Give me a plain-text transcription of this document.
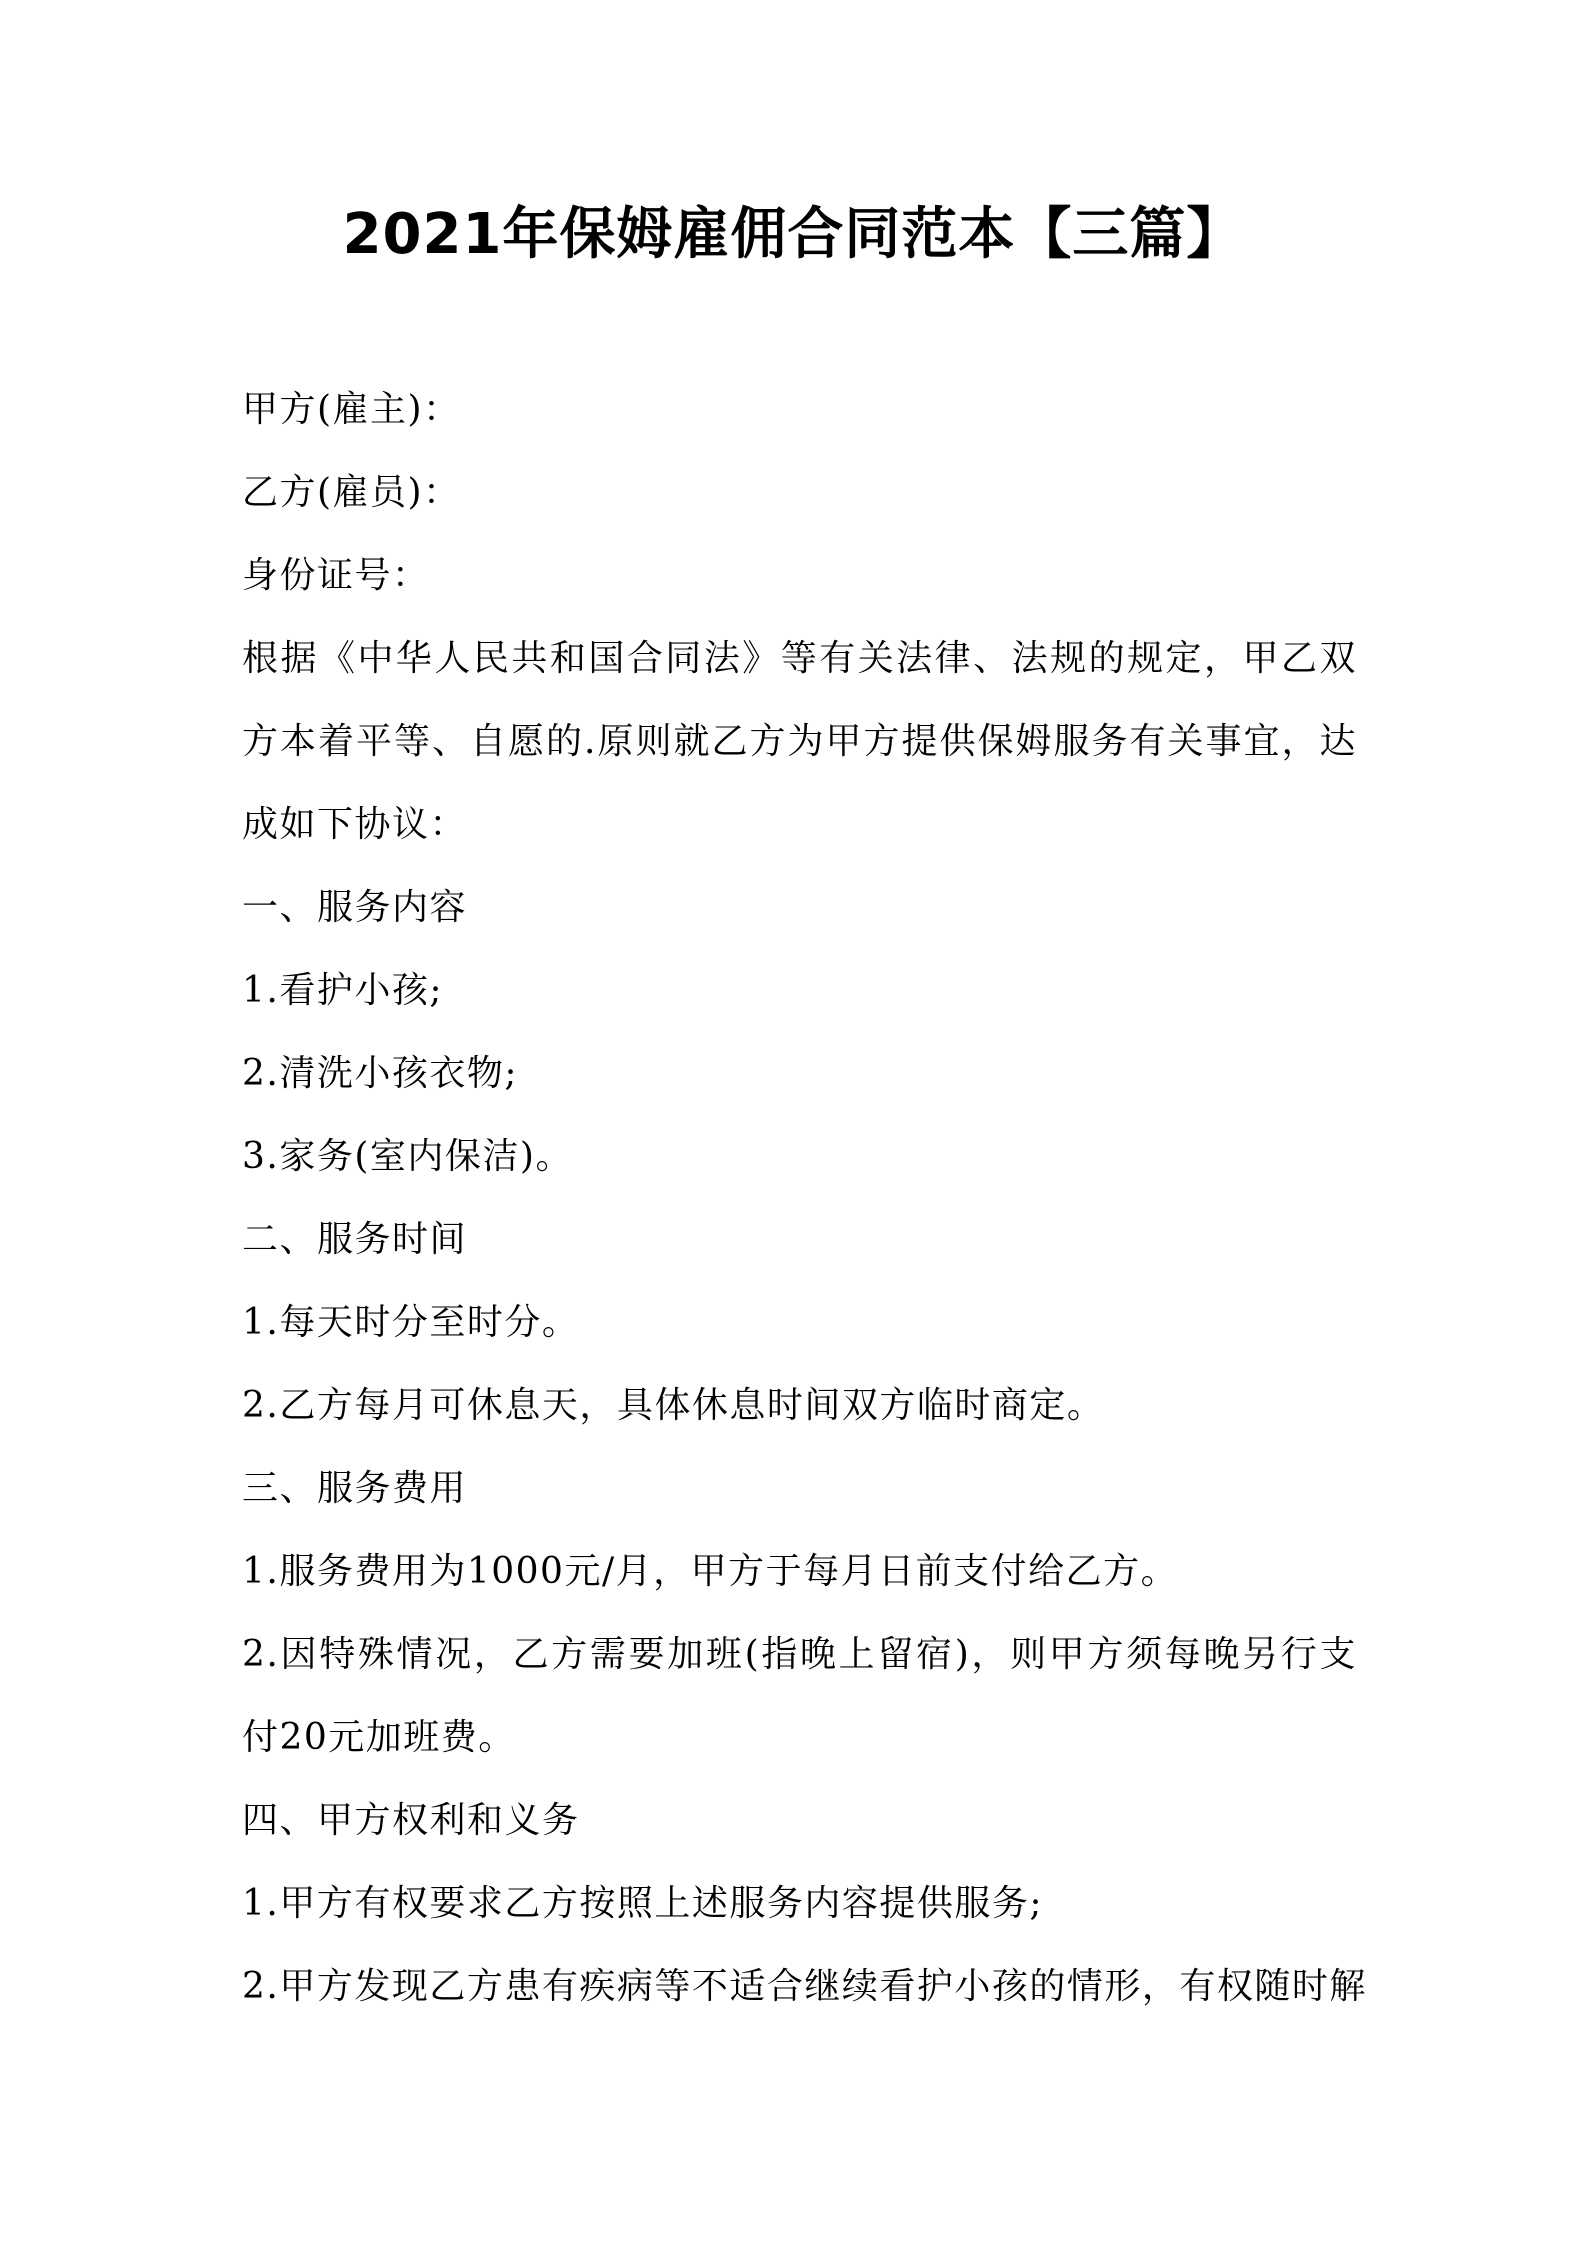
2021年保姆雇佣合同范本【三篇】

甲方(雇主)：

乙方(雇员)：

身份证号：

根据《中华人民共和国合同法》等有关法律、法规的规定，甲乙双方本着平等、自愿的.原则就乙方为甲方提供保姆服务有关事宜，达成如下协议：

一、服务内容

1.看护小孩;

2.清洗小孩衣物;

3.家务(室内保洁)。

二、服务时间

1.每天时分至时分。

2.乙方每月可休息天，具体休息时间双方临时商定。

三、服务费用

1.服务费用为1000元/月，甲方于每月日前支付给乙方。

2.因特殊情况，乙方需要加班(指晚上留宿)，则甲方须每晚另行支付20元加班费。

四、甲方权利和义务

1.甲方有权要求乙方按照上述服务内容提供服务;

2.甲方发现乙方患有疾病等不适合继续看护小孩的情形，有权随时解
